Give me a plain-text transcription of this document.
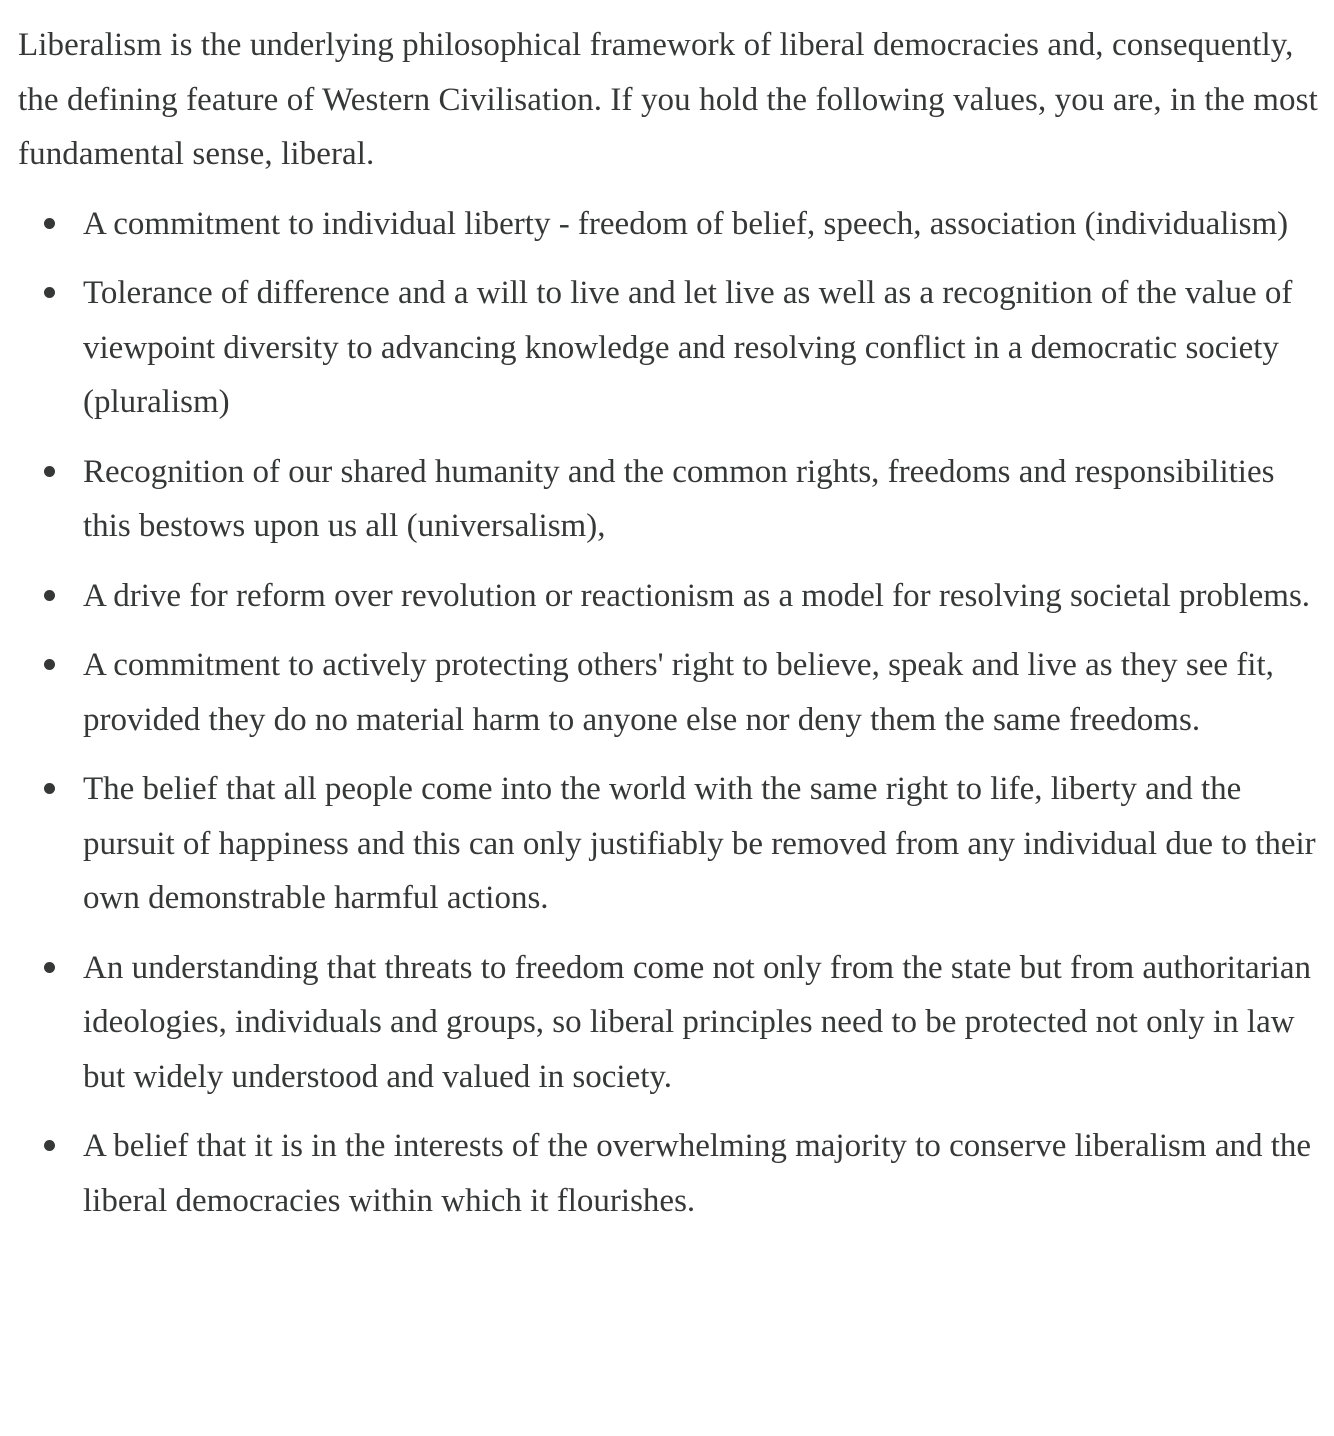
Liberalism is the underlying philosophical framework of liberal democracies and, consequently, the defining feature of Western Civilisation. If you hold the following values, you are, in the most fundamental sense, liberal.

A commitment to individual liberty - freedom of belief, speech, association (individualism)
Tolerance of difference and a will to live and let live as well as a recognition of the value of viewpoint diversity to advancing knowledge and resolving conflict in a democratic society (pluralism)
Recognition of our shared humanity and the common rights, freedoms and responsibilities this bestows upon us all (universalism),
A drive for reform over revolution or reactionism as a model for resolving societal problems.
A commitment to actively protecting others' right to believe, speak and live as they see fit, provided they do no material harm to anyone else nor deny them the same freedoms.
The belief that all people come into the world with the same right to life, liberty and the pursuit of happiness and this can only justifiably be removed from any individual due to their own demonstrable harmful actions.
An understanding that threats to freedom come not only from the state but from authoritarian ideologies, individuals and groups, so liberal principles need to be protected not only in law but widely understood and valued in society.
A belief that it is in the interests of the overwhelming majority to conserve liberalism and the liberal democracies within which it flourishes.
